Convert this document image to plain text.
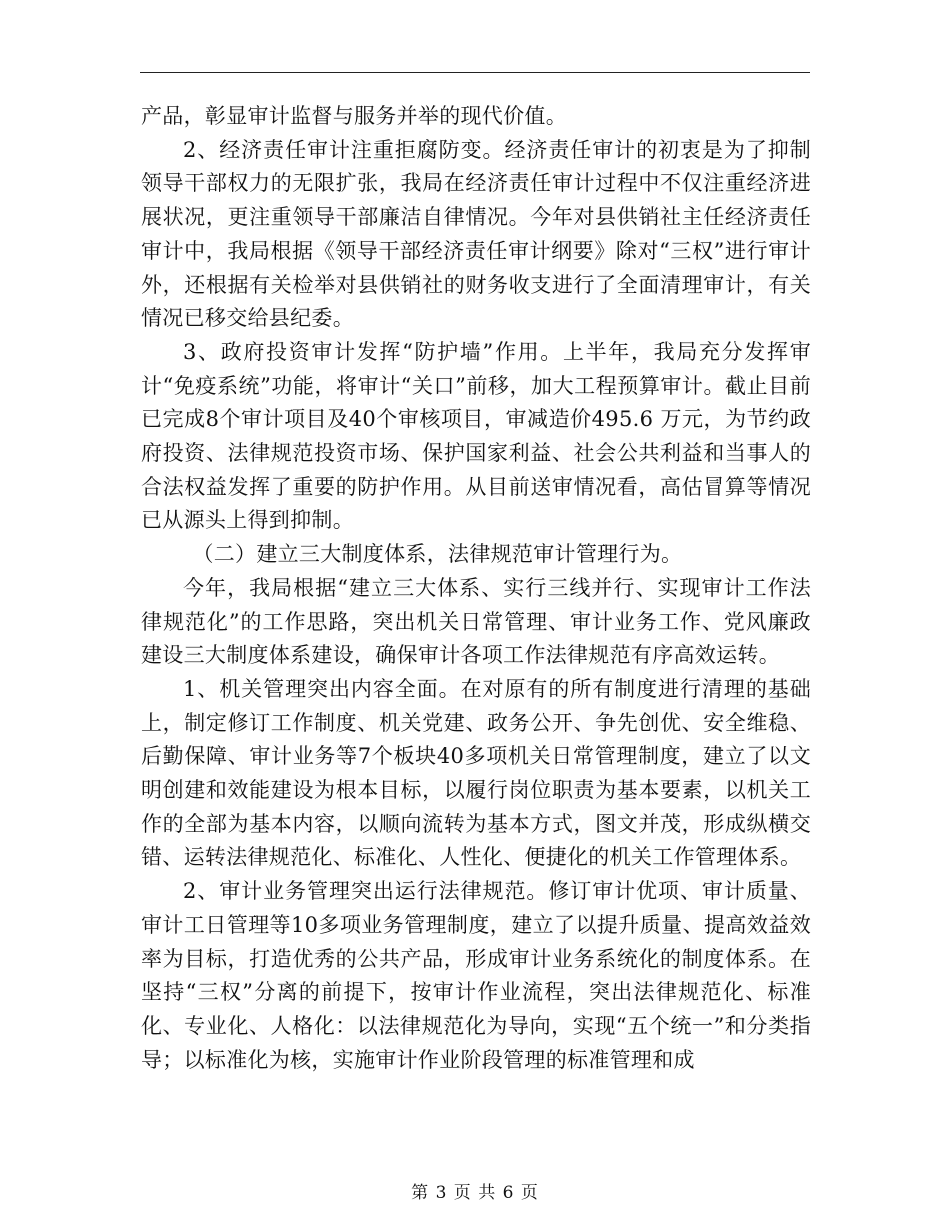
产品，彰显审计监督与服务并举的现代价值。

2、经济责任审计注重拒腐防变。经济责任审计的初衷是为了抑制领导干部权力的无限扩张，我局在经济责任审计过程中不仅注重经济进展状况，更注重领导干部廉洁自律情况。今年对县供销社主任经济责任审计中，我局根据《领导干部经济责任审计纲要》除对“三权”进行审计外，还根据有关检举对县供销社的财务收支进行了全面清理审计，有关情况已移交给县纪委。

3、政府投资审计发挥“防护墙”作用。上半年，我局充分发挥审计“免疫系统”功能，将审计“关口”前移，加大工程预算审计。截止目前已完成8个审计项目及40个审核项目，审减造价495.6 万元，为节约政府投资、法律规范投资市场、保护国家利益、社会公共利益和当事人的合法权益发挥了重要的防护作用。从目前送审情况看，高估冒算等情况已从源头上得到抑制。

（二）建立三大制度体系，法律规范审计管理行为。

今年，我局根据“建立三大体系、实行三线并行、实现审计工作法律规范化”的工作思路，突出机关日常管理、审计业务工作、党风廉政建设三大制度体系建设，确保审计各项工作法律规范有序高效运转。

1、机关管理突出内容全面。在对原有的所有制度进行清理的基础上，制定修订工作制度、机关党建、政务公开、争先创优、安全维稳、后勤保障、审计业务等7个板块40多项机关日常管理制度，建立了以文明创建和效能建设为根本目标，以履行岗位职责为基本要素，以机关工作的全部为基本内容，以顺向流转为基本方式，图文并茂，形成纵横交错、运转法律规范化、标准化、人性化、便捷化的机关工作管理体系。

2、审计业务管理突出运行法律规范。修订审计优项、审计质量、审计工日管理等10多项业务管理制度，建立了以提升质量、提高效益效率为目标，打造优秀的公共产品，形成审计业务系统化的制度体系。在坚持“三权”分离的前提下，按审计作业流程，突出法律规范化、标准化、专业化、人格化：以法律规范化为导向，实现“五个统一”和分类指导；以标准化为核，实施审计作业阶段管理的标准管理和成

第 3 页 共 6 页
